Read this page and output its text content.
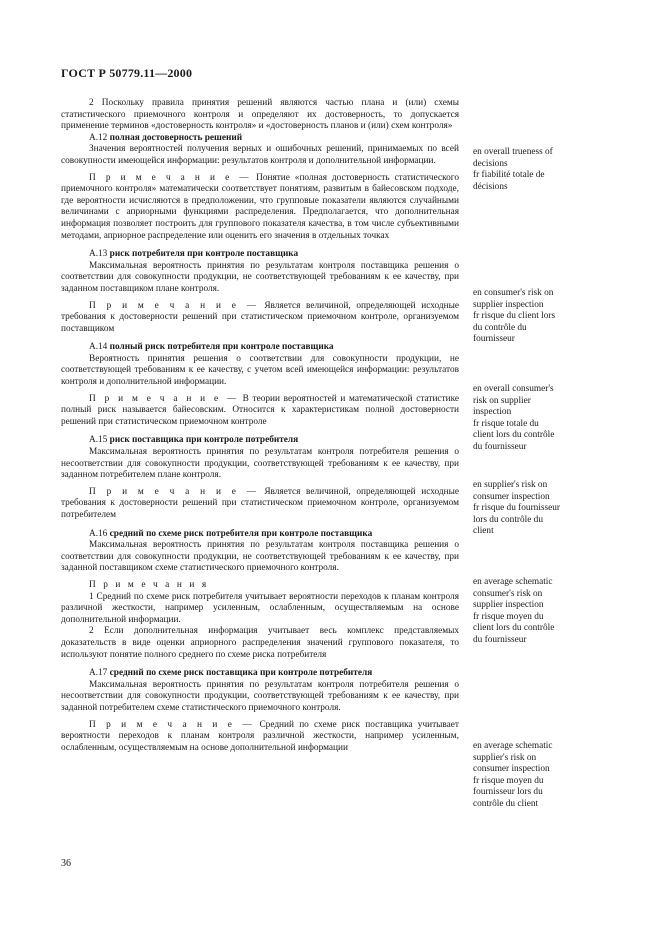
ГОСТ Р 50779.11—2000

2 Поскольку правила принятия решений являются частью плана и (или) схемы статистического приемочного контроля и определяют их достоверность, то допускается применение терминов «достоверность контроля» и «достоверность планов и (или) схем контроля»

А.12 полная достоверность решений

Значения вероятностей получения верных и ошибочных решений, принимаемых по всей совокупности имеющейся информации: результатов контроля и дополнительной информации.

П р и м е ч а н и е — Понятие «полная достоверность статистического приемочного контроля» математически соответствует понятиям, развитым в байесовском подходе, где вероятности исчисляются в предположении, что групповые показатели являются случайными величинами с априорными функциями распределения. Предполагается, что дополнительная информация позволяет построить для группового показателя качества, в том числе субъективными методами, априорное распределение или оценить его значения в отдельных точках

А.13 риск потребителя при контроле поставщика

Максимальная вероятность принятия по результатам контроля поставщика решения о соответствии для совокупности продукции, не соответствующей требованиям к ее качеству, при заданном поставщиком плане контроля.

П р и м е ч а н и е — Является величиной, определяющей исходные требования к достоверности решений при статистическом приемочном контроле, организуемом поставщиком

А.14 полный риск потребителя при контроле поставщика

Вероятность принятия решения о соответствии для совокупности продукции, не соответствующей требованиям к ее качеству, с учетом всей имеющейся информации: результатов контроля и дополнительной информации.

П р и м е ч а н и е — В теории вероятностей и математической статистике полный риск называется байесовским. Относится к характеристикам полной достоверности решений при статистическом приемочном контроле

А.15 риск поставщика при контроле потребителя

Максимальная вероятность принятия по результатам контроля потребителя решения о несоответствии для совокупности продукции, соответствующей требованиям к ее качеству, при заданном потребителем плане контроля.

П р и м е ч а н и е — Является величиной, определяющей исходные требования к достоверности решений при статистическом приемочном контроле, организуемом потребителем

А.16 средний по схеме риск потребителя при контроле поставщика

Максимальная вероятность принятия по результатам контроля поставщика решения о соответствии для совокупности продукции, не соответствующей требованиям к ее качеству, при заданной поставщиком схеме статистического приемочного контроля.

П р и м е ч а н и я

1 Средний по схеме риск потребителя учитывает вероятности переходов к планам контроля различной жесткости, например усиленным, ослабленным, осуществляемым на основе дополнительной информации.

2 Если дополнительная информация учитывает весь комплекс представляемых доказательств в виде оценки априорного распределения значений группового показателя, то используют понятие полного среднего по схеме риска потребителя

А.17 средний по схеме риск поставщика при контроле потребителя

Максимальная вероятность принятия по результатам контроля потребителя решения о несоответствии для совокупности продукции, соответствующей требованиям к ее качеству, при заданной потребителем схеме статистического приемочного контроля.

П р и м е ч а н и е — Средний по схеме риск поставщика учитывает вероятности переходов к планам контроля различной жесткости, например усиленным, ослабленным, осуществляемым на основе дополнительной информации

en overall trueness of
decisions
fr fiabilité totale de
décisions
en consumer's risk on
supplier inspection
fr risque du client lors
du contrôle du
fournisseur
en overall consumer's
risk on supplier
inspection
fr risque totale du
client lors du contrôle
du fournisseur
en supplier's risk on
consumer inspection
fr risque du fournisseur
lors du contrôle du
client
en average schematic
consumer's risk on
supplier inspection
fr risque moyen du
client lors du contrôle
du fournisseur
en average schematic
supplier's risk on
consumer inspection
fr risque moyen du
fournisseur lors du
contrôle du client
36
